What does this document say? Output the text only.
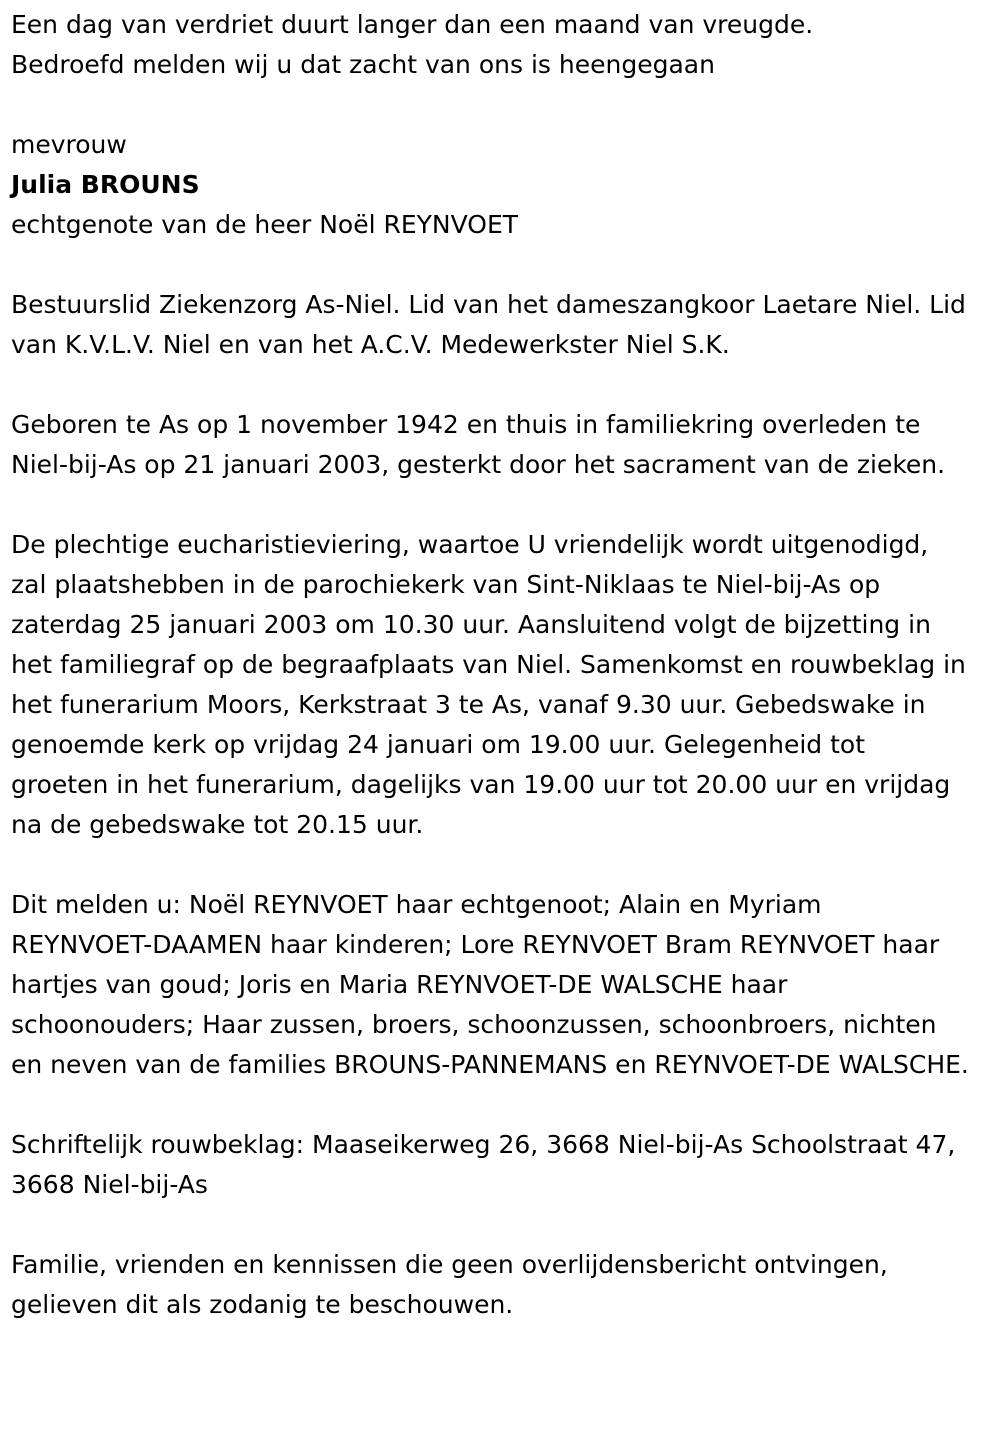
Een dag van verdriet duurt langer dan een maand van vreugde.
Bedroefd melden wij u dat zacht van ons is heengegaan
mevrouw
Julia BROUNS
echtgenote van de heer Noël REYNVOET

Bestuurslid Ziekenzorg As-Niel. Lid van het dameszangkoor Laetare Niel. Lid van K.V.L.V. Niel en van het A.C.V. Medewerkster Niel S.K.

Geboren te As op 1 november 1942 en thuis in familiekring overleden te Niel-bij-As op 21 januari 2003, gesterkt door het sacrament van de zieken.

De plechtige eucharistieviering, waartoe U vriendelijk wordt uitgenodigd, zal plaatshebben in de parochiekerk van Sint-Niklaas te Niel-bij-As op zaterdag 25 januari 2003 om 10.30 uur. Aansluitend volgt de bijzetting in het familiegraf op de begraafplaats van Niel. Samenkomst en rouwbeklag in het funerarium Moors, Kerkstraat 3 te As, vanaf 9.30 uur. Gebedswake in genoemde kerk op vrijdag 24 januari om 19.00 uur. Gelegenheid tot groeten in het funerarium, dagelijks van 19.00 uur tot 20.00 uur en vrijdag na de gebedswake tot 20.15 uur.

Dit melden u: Noël REYNVOET haar echtgenoot; Alain en Myriam REYNVOET-DAAMEN haar kinderen; Lore REYNVOET Bram REYNVOET haar hartjes van goud; Joris en Maria REYNVOET-DE WALSCHE haar schoonouders; Haar zussen, broers, schoonzussen, schoonbroers, nichten en neven van de families BROUNS-PANNEMANS en REYNVOET-DE WALSCHE.

Schriftelijk rouwbeklag: Maaseikerweg 26, 3668 Niel-bij-As Schoolstraat 47, 3668 Niel-bij-As

Familie, vrienden en kennissen die geen overlijdensbericht ontvingen, gelieven dit als zodanig te beschouwen.
